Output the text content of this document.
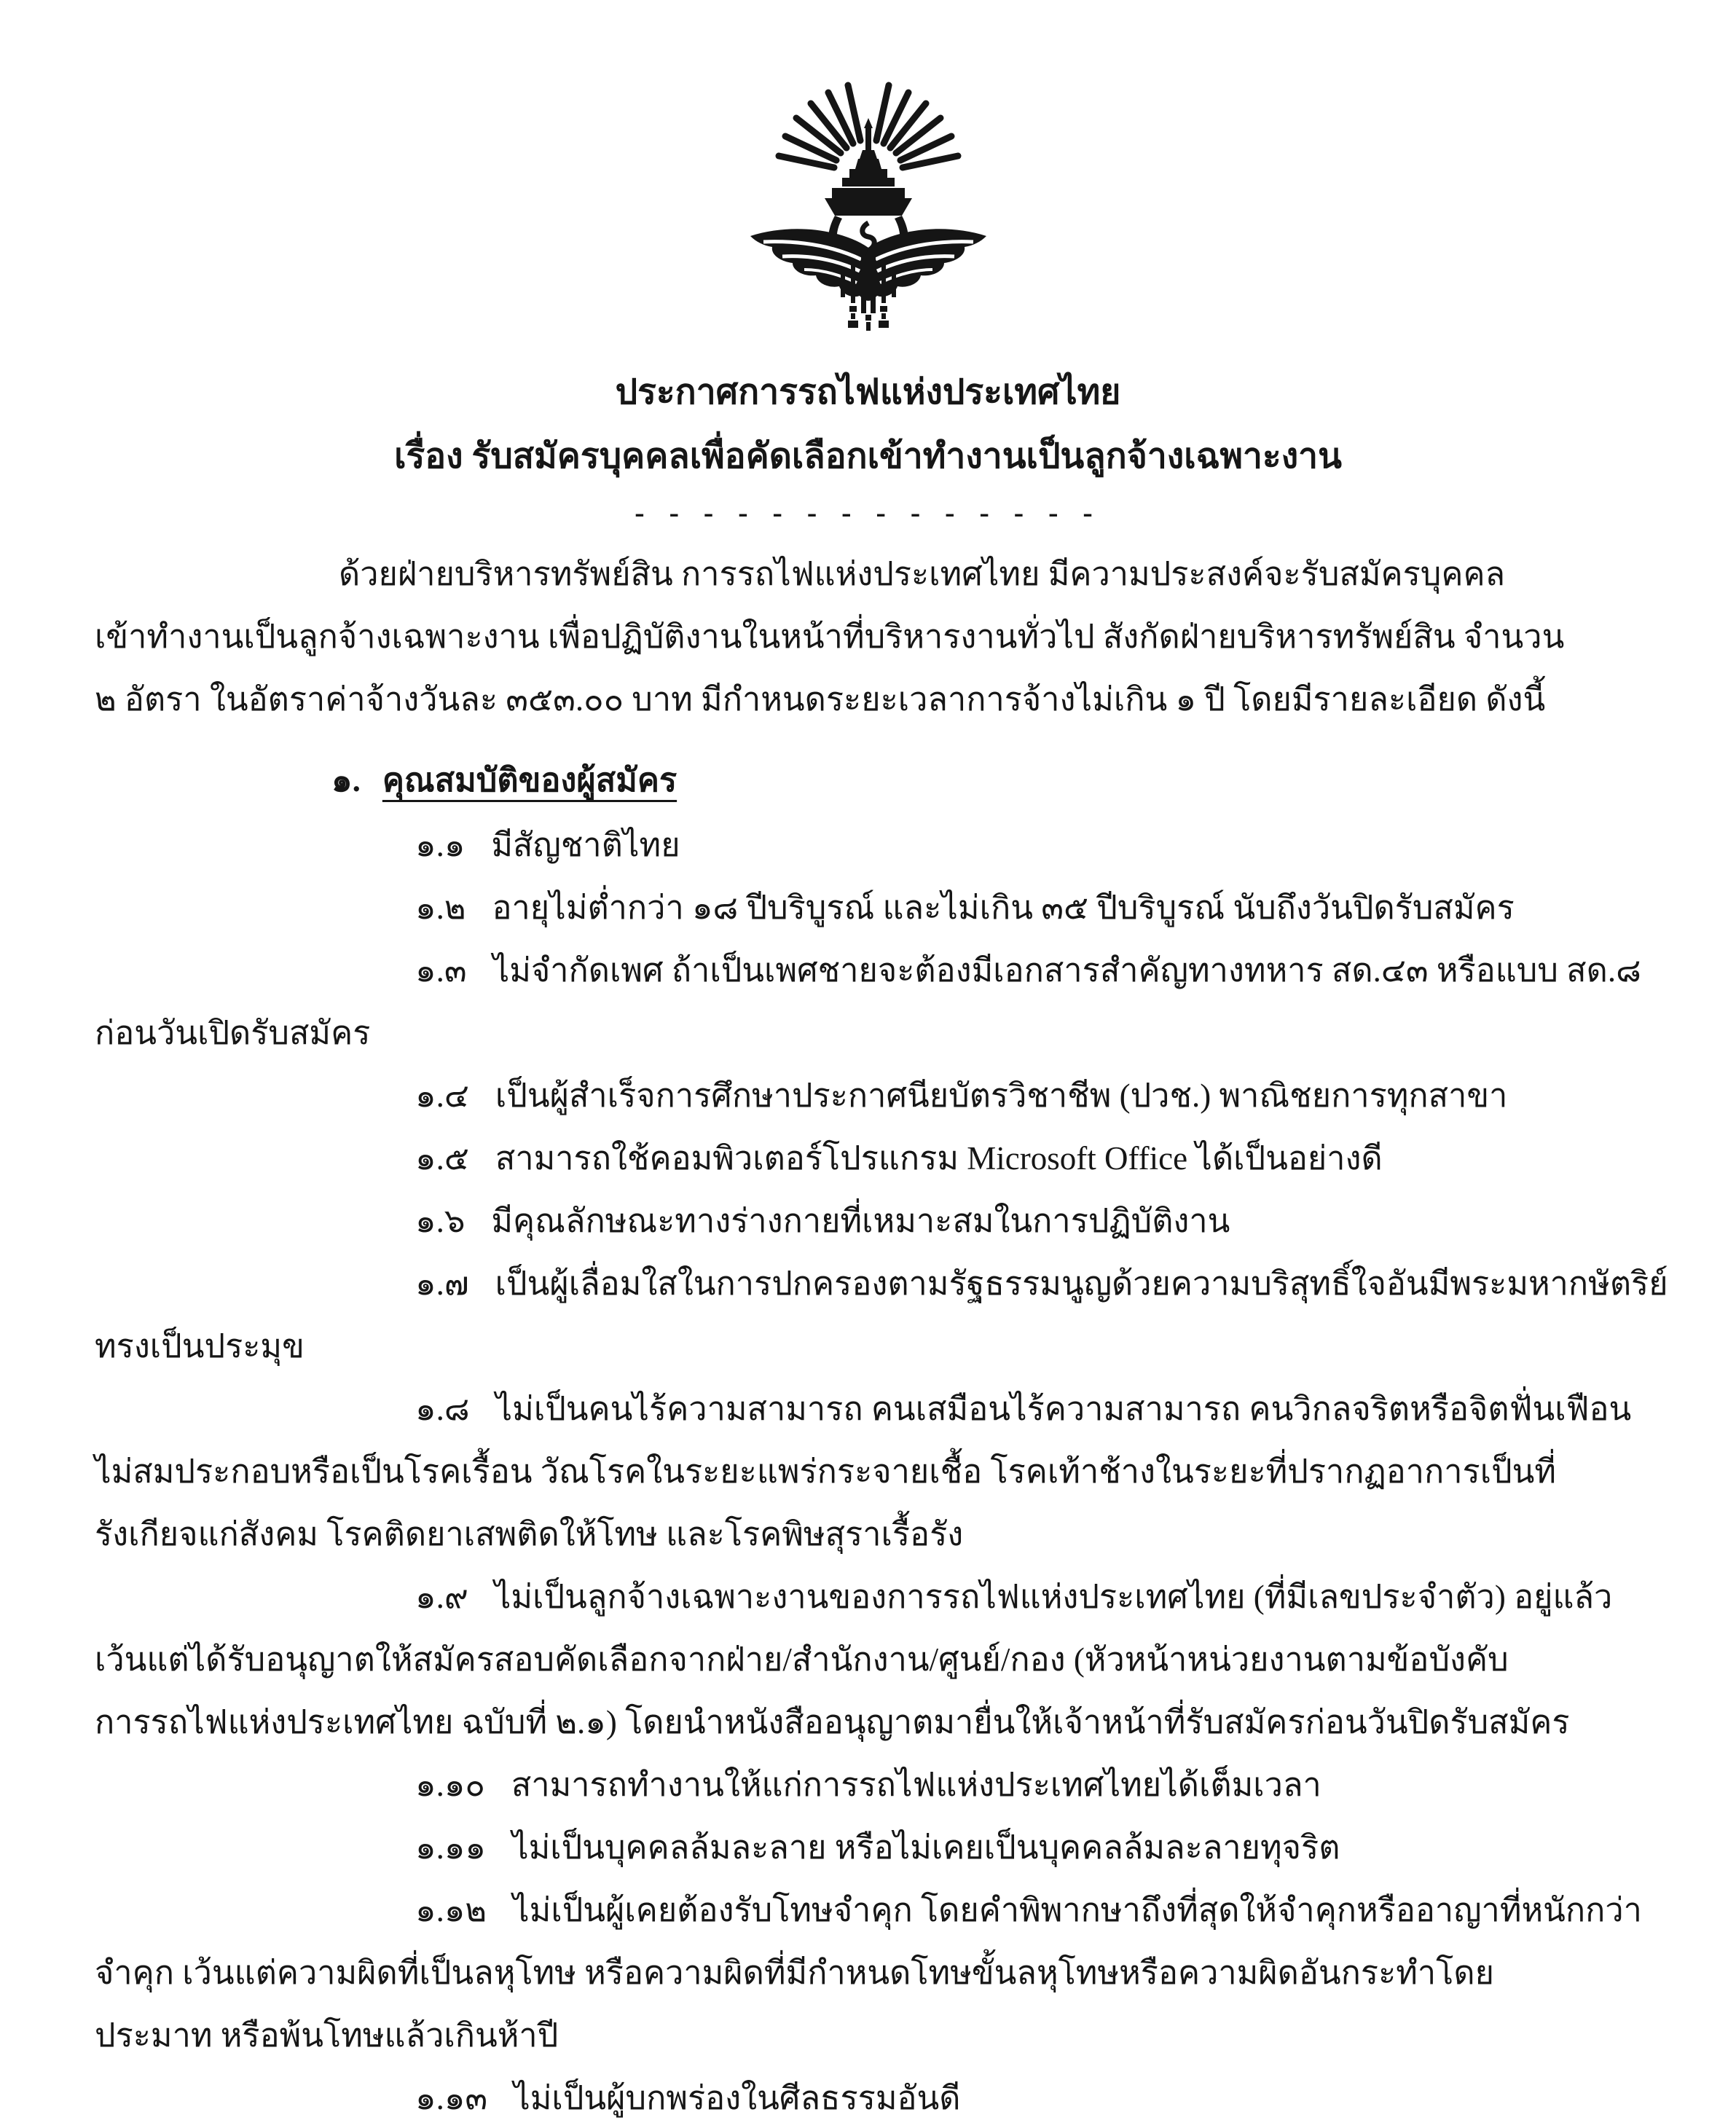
ประกาศการรถไฟแห่งประเทศไทย
เรื่อง รับสมัครบุคคลเพื่อคัดเลือกเข้าทำงานเป็นลูกจ้างเฉพาะงาน
- - - - - - - - - - - - - -
ด้วยฝ่ายบริหารทรัพย์สิน การรถไฟแห่งประเทศไทย มีความประสงค์จะรับสมัครบุคคล
เข้าทำงานเป็นลูกจ้างเฉพาะงาน เพื่อปฏิบัติงานในหน้าที่บริหารงานทั่วไป สังกัดฝ่ายบริหารทรัพย์สิน จำนวน
๒ อัตรา ในอัตราค่าจ้างวันละ ๓๕๓.๐๐ บาท มีกำหนดระยะเวลาการจ้างไม่เกิน ๑ ปี โดยมีรายละเอียด ดังนี้
๑. คุณสมบัติของผู้สมัคร
๑.๑ มีสัญชาติไทย
๑.๒ อายุไม่ต่ำกว่า ๑๘ ปีบริบูรณ์ และไม่เกิน ๓๕ ปีบริบูรณ์ นับถึงวันปิดรับสมัคร
๑.๓ ไม่จำกัดเพศ ถ้าเป็นเพศชายจะต้องมีเอกสารสำคัญทางทหาร สด.๔๓ หรือแบบ สด.๘
ก่อนวันเปิดรับสมัคร
๑.๔ เป็นผู้สำเร็จการศึกษาประกาศนียบัตรวิชาชีพ (ปวช.) พาณิชยการทุกสาขา
๑.๕ สามารถใช้คอมพิวเตอร์โปรแกรม Microsoft Office ได้เป็นอย่างดี
๑.๖ มีคุณลักษณะทางร่างกายที่เหมาะสมในการปฏิบัติงาน
๑.๗ เป็นผู้เลื่อมใสในการปกครองตามรัฐธรรมนูญด้วยความบริสุทธิ์ใจอันมีพระมหากษัตริย์
ทรงเป็นประมุข
๑.๘ ไม่เป็นคนไร้ความสามารถ คนเสมือนไร้ความสามารถ คนวิกลจริตหรือจิตฟั่นเฟือน
ไม่สมประกอบหรือเป็นโรคเรื้อน วัณโรคในระยะแพร่กระจายเชื้อ โรคเท้าช้างในระยะที่ปรากฏอาการเป็นที่
รังเกียจแก่สังคม โรคติดยาเสพติดให้โทษ และโรคพิษสุราเรื้อรัง
๑.๙ ไม่เป็นลูกจ้างเฉพาะงานของการรถไฟแห่งประเทศไทย (ที่มีเลขประจำตัว) อยู่แล้ว
เว้นแต่ได้รับอนุญาตให้สมัครสอบคัดเลือกจากฝ่าย/สำนักงาน/ศูนย์/กอง (หัวหน้าหน่วยงานตามข้อบังคับ
การรถไฟแห่งประเทศไทย ฉบับที่ ๒.๑) โดยนำหนังสืออนุญาตมายื่นให้เจ้าหน้าที่รับสมัครก่อนวันปิดรับสมัคร
๑.๑๐ สามารถทำงานให้แก่การรถไฟแห่งประเทศไทยได้เต็มเวลา
๑.๑๑ ไม่เป็นบุคคลล้มละลาย หรือไม่เคยเป็นบุคคลล้มละลายทุจริต
๑.๑๒ ไม่เป็นผู้เคยต้องรับโทษจำคุก โดยคำพิพากษาถึงที่สุดให้จำคุกหรืออาญาที่หนักกว่า
จำคุก เว้นแต่ความผิดที่เป็นลหุโทษ หรือความผิดที่มีกำหนดโทษขั้นลหุโทษหรือความผิดอันกระทำโดย
ประมาท หรือพ้นโทษแล้วเกินห้าปี
๑.๑๓ ไม่เป็นผู้บกพร่องในศีลธรรมอันดี
